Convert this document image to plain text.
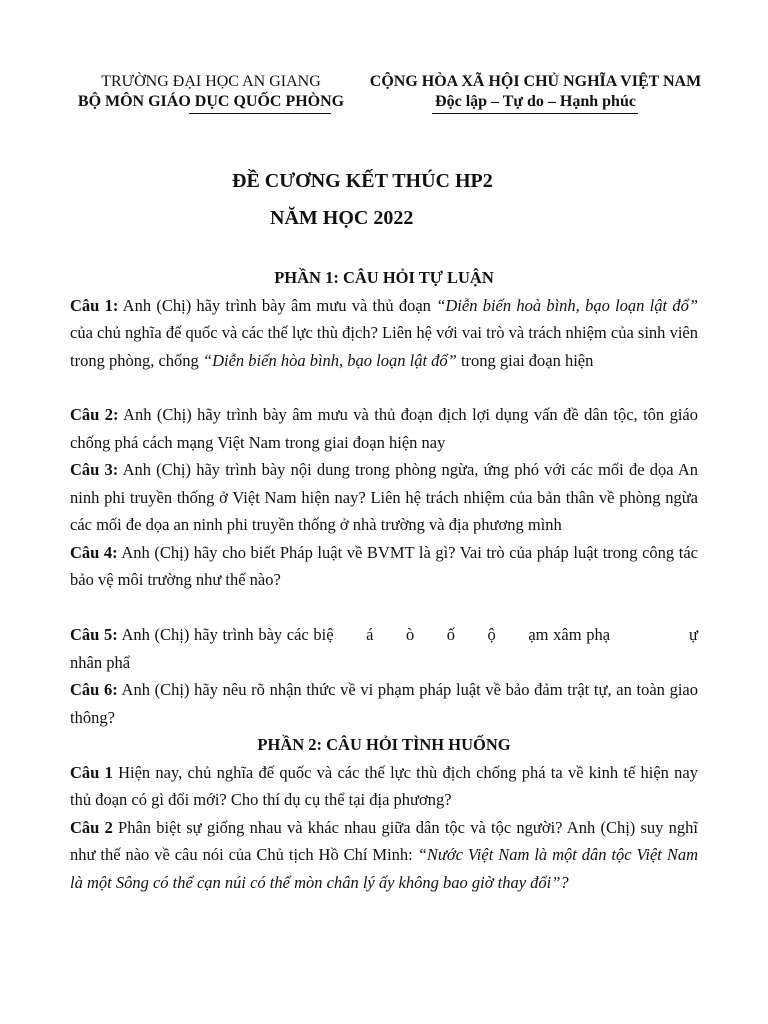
TRƯỜNG ĐẠI HỌC AN GIANG
BỘ MÔN GIÁO DỤC QUỐC PHÒNG
CỘNG HÒA XÃ HỘI CHỦ NGHĨA VIỆT NAM
Độc lập – Tự do – Hạnh phúc
ĐỀ CƯƠNG KẾT THÚC HP2
NĂM HỌC 2022

PHẦN 1: CÂU HỎI TỰ LUẬN

Câu 1: Anh (Chị) hãy trình bày âm mưu và thủ đoạn “Diễn biến hoà bình, bạo loạn lật đổ” của chủ nghĩa đế quốc và các thế lực thù địch? Liên hệ với vai trò và trách nhiệm của sinh viên trong phòng, chống “Diễn biến hòa bình, bạo loạn lật đổ” trong giai đoạn hiện

Câu 2: Anh (Chị) hãy trình bày âm mưu và thủ đoạn địch lợi dụng vấn đề dân tộc, tôn giáo chống phá cách mạng Việt Nam trong giai đoạn hiện nay

Câu 3: Anh (Chị) hãy trình bày nội dung trong phòng ngừa, ứng phó với các mối đe dọa An ninh phi truyền thống ở Việt Nam hiện nay? Liên hệ trách nhiệm của bản thân về phòng ngừa các mối đe dọa an ninh phi truyền thống ở nhà trường và địa phương mình

Câu 4: Anh (Chị) hãy cho biết Pháp luật về BVMT là gì? Vai trò của pháp luật trong công tác bảo vệ môi trường như thế nào?

Câu 5: Anh (Chị) hãy trình bày các biệ       á       ò       ố       ộ       ạm xâm phạ                 ự nhân phẩ

Câu 6: Anh (Chị) hãy nêu rõ nhận thức về vi phạm pháp luật về bảo đảm trật tự, an toàn giao thông?

PHẦN 2: CÂU HỎI TÌNH HUỐNG

Câu 1 Hiện nay, chủ nghĩa đế quốc và các thế lực thù địch chống phá ta về kinh tế hiện nay thủ đoạn có gì đổi mới? Cho thí dụ cụ thể tại địa phương?

Câu 2 Phân biệt sự giống nhau và khác nhau giữa dân tộc và tộc người? Anh (Chị) suy nghĩ như thế nào về câu nói của Chủ tịch Hồ Chí Minh: “Nước Việt Nam là một dân tộc Việt Nam là một Sông có thể cạn núi có thể mòn chân lý ấy không bao giờ thay đổi”?
